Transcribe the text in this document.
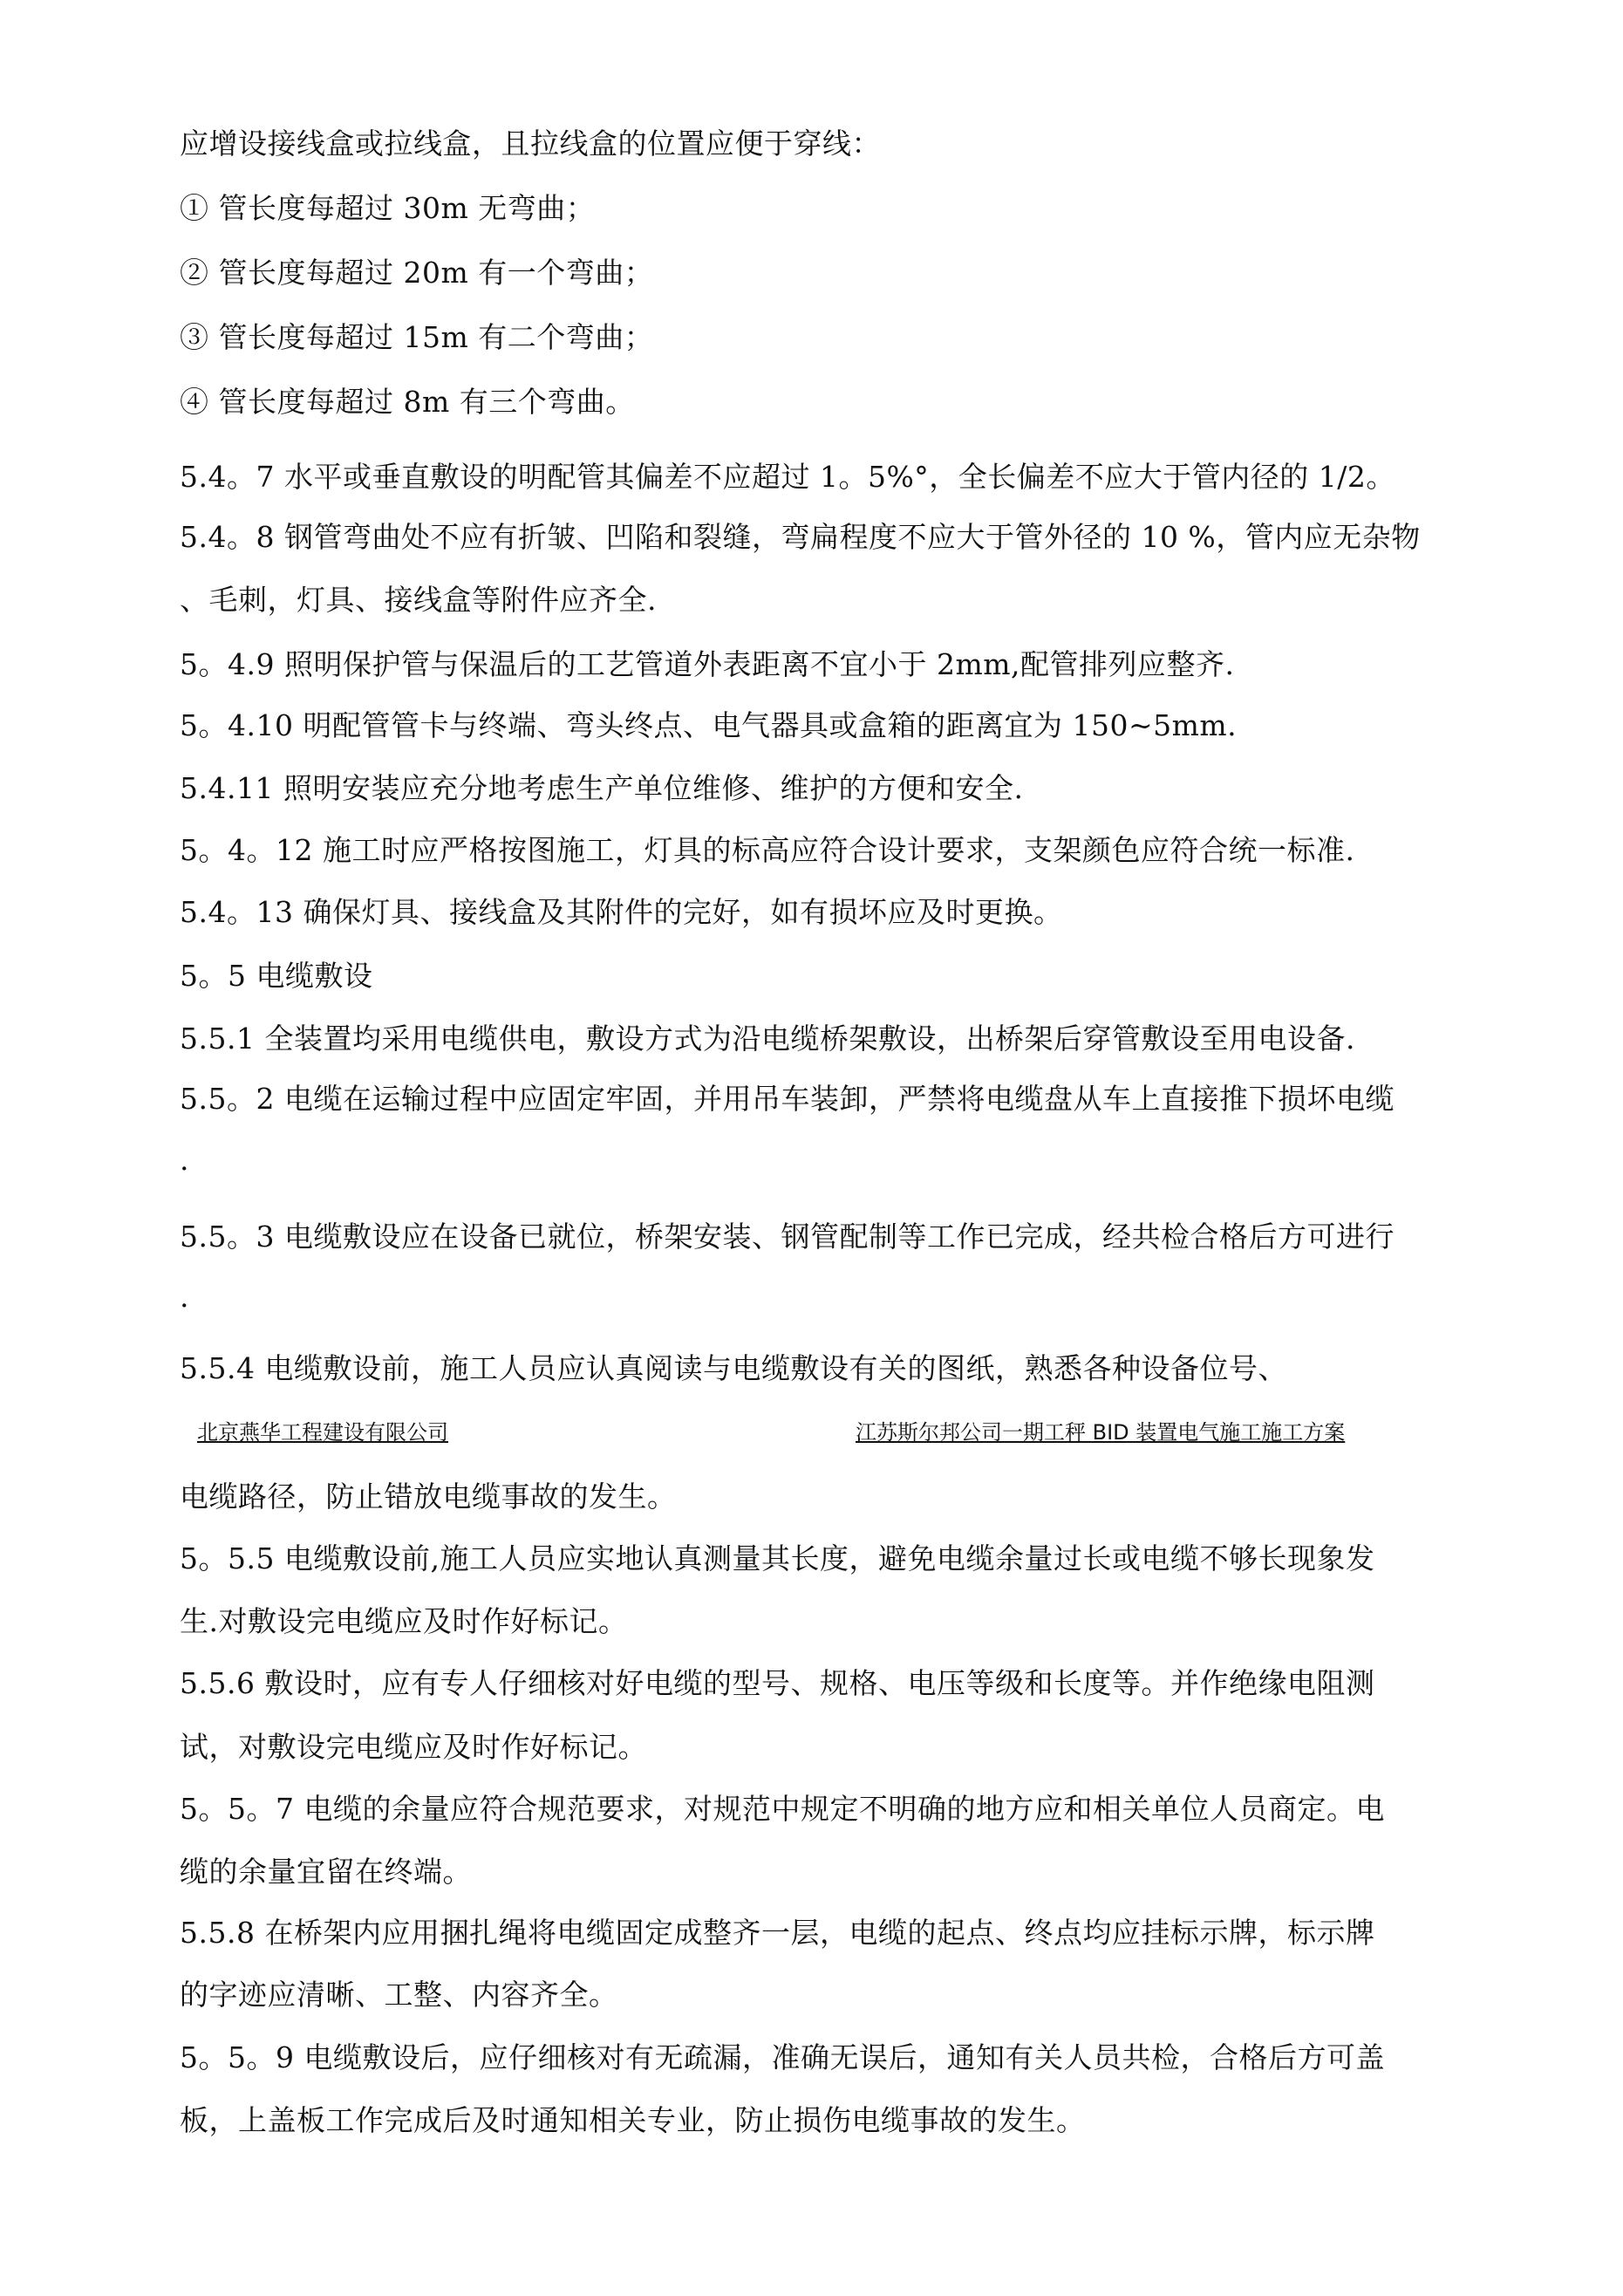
应增设接线盒或拉线盒，且拉线盒的位置应便于穿线：
① 管长度每超过 30m 无弯曲；
② 管长度每超过 20m 有一个弯曲；
③ 管长度每超过 15m 有二个弯曲；
④ 管长度每超过 8m 有三个弯曲。
5.4。7 水平或垂直敷设的明配管其偏差不应超过 1。5%°，全长偏差不应大于管内径的 1/2。
5.4。8 钢管弯曲处不应有折皱、凹陷和裂缝，弯扁程度不应大于管外径的 10 %，管内应无杂物
、毛刺，灯具、接线盒等附件应齐全.
5。4.9 照明保护管与保温后的工艺管道外表距离不宜小于 2mm,配管排列应整齐.
5。4.10 明配管管卡与终端、弯头终点、电气器具或盒箱的距离宜为 150~5mm.
5.4.11 照明安装应充分地考虑生产单位维修、维护的方便和安全.
5。4。12 施工时应严格按图施工，灯具的标高应符合设计要求，支架颜色应符合统一标准.
5.4。13 确保灯具、接线盒及其附件的完好，如有损坏应及时更换。
5。5 电缆敷设
5.5.1 全装置均采用电缆供电，敷设方式为沿电缆桥架敷设，出桥架后穿管敷设至用电设备.
5.5。2 电缆在运输过程中应固定牢固，并用吊车装卸，严禁将电缆盘从车上直接推下损坏电缆
.
5.5。3 电缆敷设应在设备已就位，桥架安装、钢管配制等工作已完成，经共检合格后方可进行
.
5.5.4 电缆敷设前，施工人员应认真阅读与电缆敷设有关的图纸，熟悉各种设备位号、
北京燕华工程建设有限公司	江苏斯尔邦公司一期工秤 BID 装置电气施工施工方案
电缆路径，防止错放电缆事故的发生。
5。5.5 电缆敷设前,施工人员应实地认真测量其长度，避免电缆余量过长或电缆不够长现象发
生.对敷设完电缆应及时作好标记。
5.5.6 敷设时，应有专人仔细核对好电缆的型号、规格、电压等级和长度等。并作绝缘电阻测
试，对敷设完电缆应及时作好标记。
5。5。7 电缆的余量应符合规范要求，对规范中规定不明确的地方应和相关单位人员商定。电
缆的余量宜留在终端。
5.5.8 在桥架内应用捆扎绳将电缆固定成整齐一层，电缆的起点、终点均应挂标示牌，标示牌
的字迹应清晰、工整、内容齐全。
5。5。9 电缆敷设后，应仔细核对有无疏漏，准确无误后，通知有关人员共检，合格后方可盖
板，上盖板工作完成后及时通知相关专业，防止损伤电缆事故的发生。
